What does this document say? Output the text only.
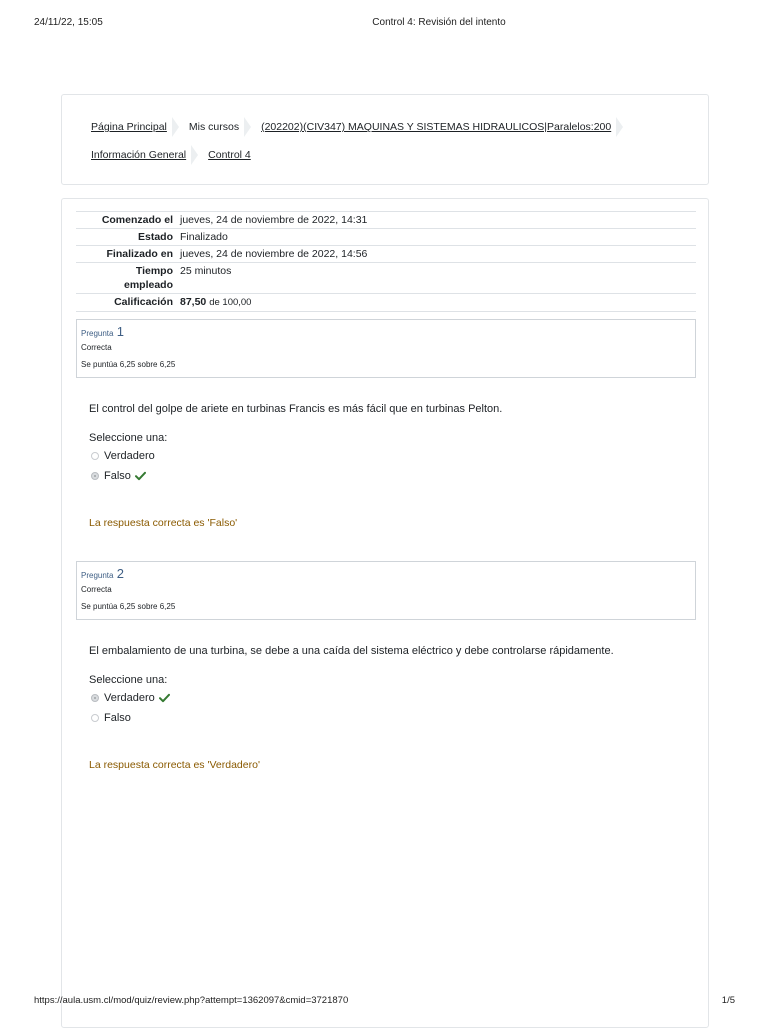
24/11/22, 15:05	Control 4: Revisión del intento
Página Principal Mis cursos (202202)(CIV347) MAQUINAS Y SISTEMAS HIDRAULICOS|Paralelos:200
Información General Control 4
Comenzado el	jueves, 24 de noviembre de 2022, 14:31
Estado	Finalizado
Finalizado en	jueves, 24 de noviembre de 2022, 14:56
Tiempo
empleado	25 minutos
Calificación	87,50 de 100,00
Pregunta 1
Correcta
Se puntúa 6,25 sobre 6,25
El control del golpe de ariete en turbinas Francis es más fácil que en turbinas Pelton.
Seleccione una:
Verdadero
Falso
La respuesta correcta es 'Falso'
Pregunta 2
Correcta
Se puntúa 6,25 sobre 6,25
El embalamiento de una turbina, se debe a una caída del sistema eléctrico y debe controlarse rápidamente.
Seleccione una:
Verdadero
Falso
La respuesta correcta es 'Verdadero'
https://aula.usm.cl/mod/quiz/review.php?attempt=1362097&cmid=3721870	1/5
